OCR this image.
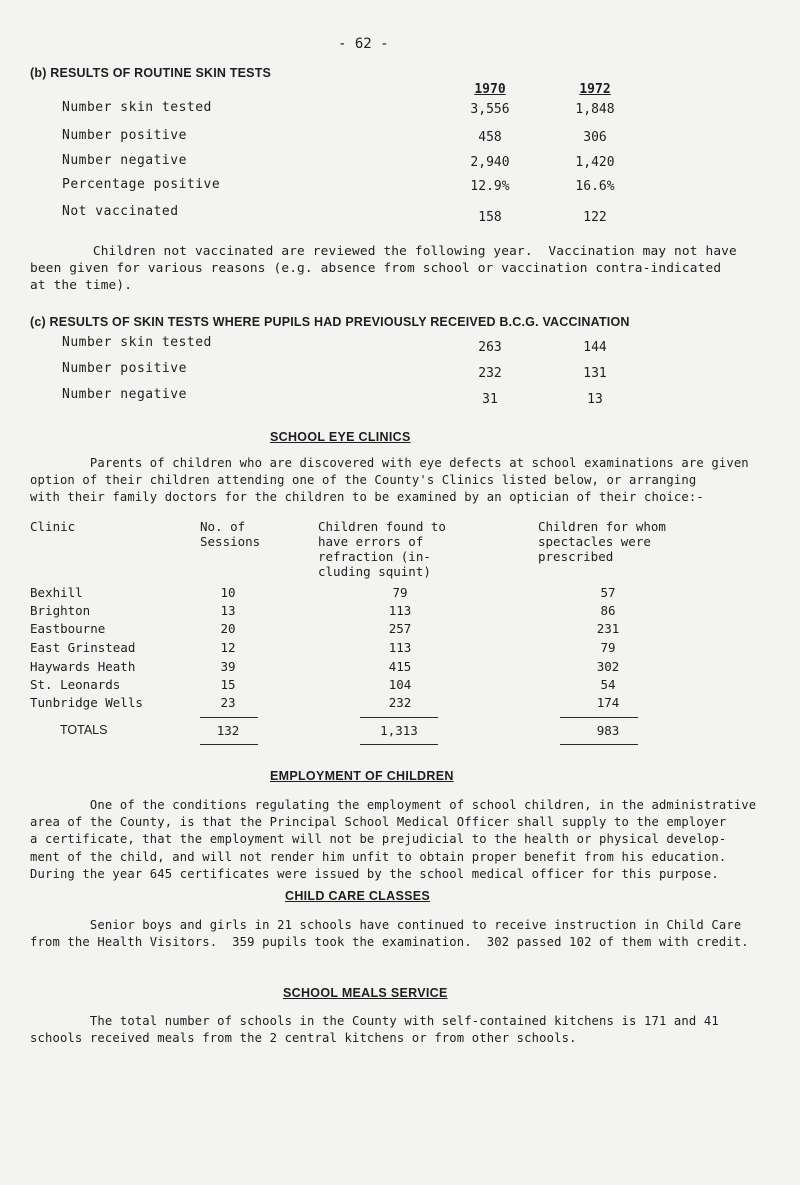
- 62 -
(b) RESULTS OF ROUTINE SKIN TESTS
1970	1972
Number skin tested	3,556	1,848
Number positive	458	306
Number negative	2,940	1,420
Percentage positive	12.9%	16.6%
Not vaccinated	158	122
Children not vaccinated are reviewed the following year.  Vaccination may not have
been given for various reasons (e.g. absence from school or vaccination contra-indicated
at the time).
(c) RESULTS OF SKIN TESTS WHERE PUPILS HAD PREVIOUSLY RECEIVED B.C.G. VACCINATION
Number skin tested	263	144
Number positive	232	131
Number negative	31	13
SCHOOL EYE CLINICS
Parents of children who are discovered with eye defects at school examinations are given
option of their children attending one of the County's Clinics listed below, or arranging
with their family doctors for the children to be examined by an optician of their choice:-
Clinic	No. of
Sessions
Children found to
have errors of
refraction (in-
cluding squint)
Children for whom
spectacles were
prescribed
Bexhill	10	79	57
Brighton	13	113	86
Eastbourne	20	257	231
East Grinstead	12	113	79
Haywards Heath	39	415	302
St. Leonards	15	104	54
Tunbridge Wells	23	232	174
TOTALS	132	1,313	983
EMPLOYMENT OF CHILDREN
One of the conditions regulating the employment of school children, in the administrative
area of the County, is that the Principal School Medical Officer shall supply to the employer
a certificate, that the employment will not be prejudicial to the health or physical develop-
ment of the child, and will not render him unfit to obtain proper benefit from his education.
During the year 645 certificates were issued by the school medical officer for this purpose.
CHILD CARE CLASSES
Senior boys and girls in 21 schools have continued to receive instruction in Child Care
from the Health Visitors.  359 pupils took the examination.  302 passed 102 of them with credit.
SCHOOL MEALS SERVICE
The total number of schools in the County with self-contained kitchens is 171 and 41
schools received meals from the 2 central kitchens or from other schools.
